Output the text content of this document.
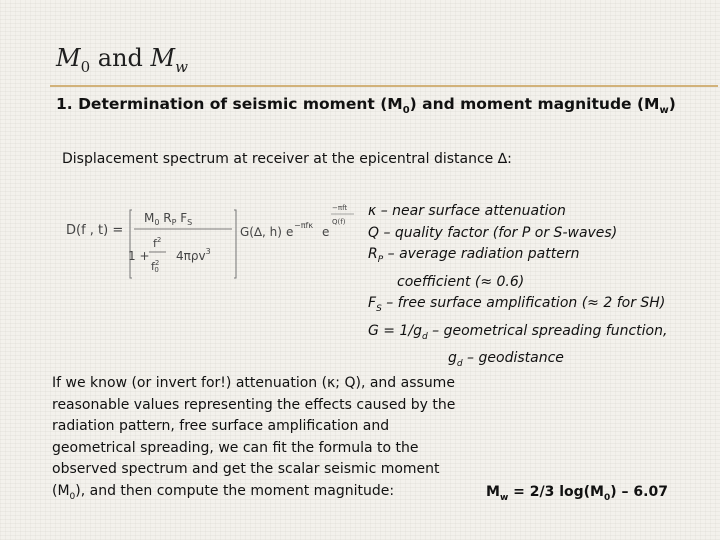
$M_0$ and $M_w$
1. Determination of seismic moment $(M_0)$ and moment magnitude $(M_w)$
Displacement spectrum at receiver at the epicentral distance ∆:
D(f , t) =
$M_0$ $R_P$ $F_S$
1 +
$f^2$
$f^2$ 0
4πρv$^3$
G(∆, h) e −πfκ e
−πft
Q(f)
κ – near surface attenuation
Q – quality factor (for P or S-waves)
$R_P$ – average radiation pattern
coefficient (≈ 0.6)
$F_S$ – free surface amplification (≈ 2 for SH)
$G = 1/g_d$ – geometrical spreading function,
$g_d$ – geodistance

If we know (or invert for!) attenuation (κ; Q), and assume

reasonable values representing the effects caused by the

radiation pattern, free surface amplification and

geometrical spreading, we can fit the formula to the

observed spectrum and get the scalar seismic moment

$(M_0)$, and then compute the moment magnitude:	$M_w = 2/3$ $\log(M_0) - 6.07$
